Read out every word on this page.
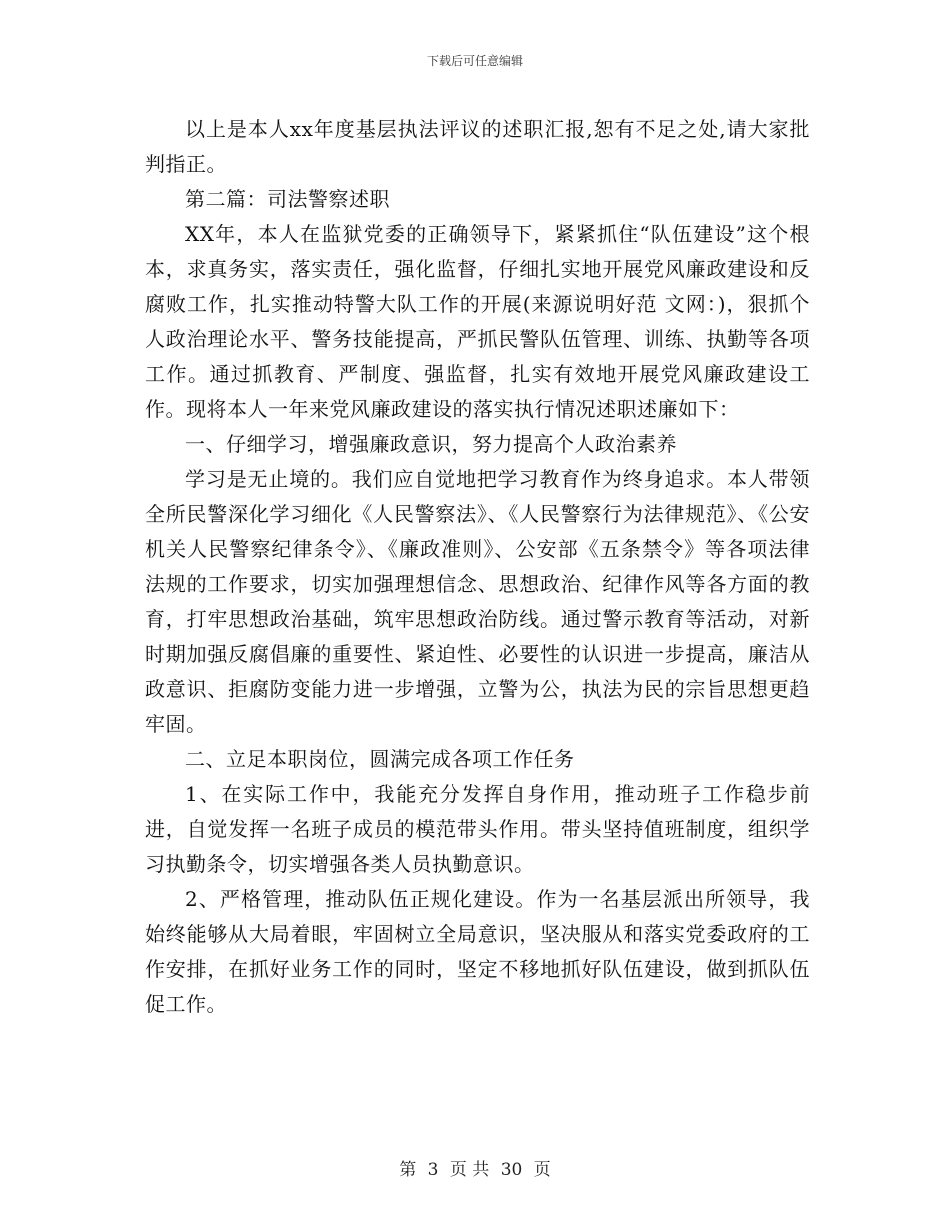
下载后可任意编辑

以上是本人xx年度基层执法评议的述职汇报,恕有不足之处,请大家批判指正。

第二篇：司法警察述职

XX年，本人在监狱党委的正确领导下，紧紧抓住“队伍建设”这个根本，求真务实，落实责任，强化监督，仔细扎实地开展党风廉政建设和反腐败工作，扎实推动特警大队工作的开展(来源说明好范 文网：)，狠抓个人政治理论水平、警务技能提高，严抓民警队伍管理、训练、执勤等各项工作。通过抓教育、严制度、强监督，扎实有效地开展党风廉政建设工作。现将本人一年来党风廉政建设的落实执行情况述职述廉如下：

一、仔细学习，增强廉政意识，努力提高个人政治素养

学习是无止境的。我们应自觉地把学习教育作为终身追求。本人带领全所民警深化学习细化《人民警察法》、《人民警察行为法律规范》、《公安机关人民警察纪律条令》、《廉政准则》、公安部《五条禁令》等各项法律法规的工作要求，切实加强理想信念、思想政治、纪律作风等各方面的教育，打牢思想政治基础，筑牢思想政治防线。通过警示教育等活动，对新时期加强反腐倡廉的重要性、紧迫性、必要性的认识进一步提高，廉洁从政意识、拒腐防变能力进一步增强，立警为公，执法为民的宗旨思想更趋牢固。

二、立足本职岗位，圆满完成各项工作任务

1、在实际工作中，我能充分发挥自身作用，推动班子工作稳步前进，自觉发挥一名班子成员的模范带头作用。带头坚持值班制度，组织学习执勤条令，切实增强各类人员执勤意识。

2、严格管理，推动队伍正规化建设。作为一名基层派出所领导，我始终能够从大局着眼，牢固树立全局意识，坚决服从和落实党委政府的工作安排，在抓好业务工作的同时，坚定不移地抓好队伍建设，做到抓队伍促工作。

第 3 页 共 30 页
